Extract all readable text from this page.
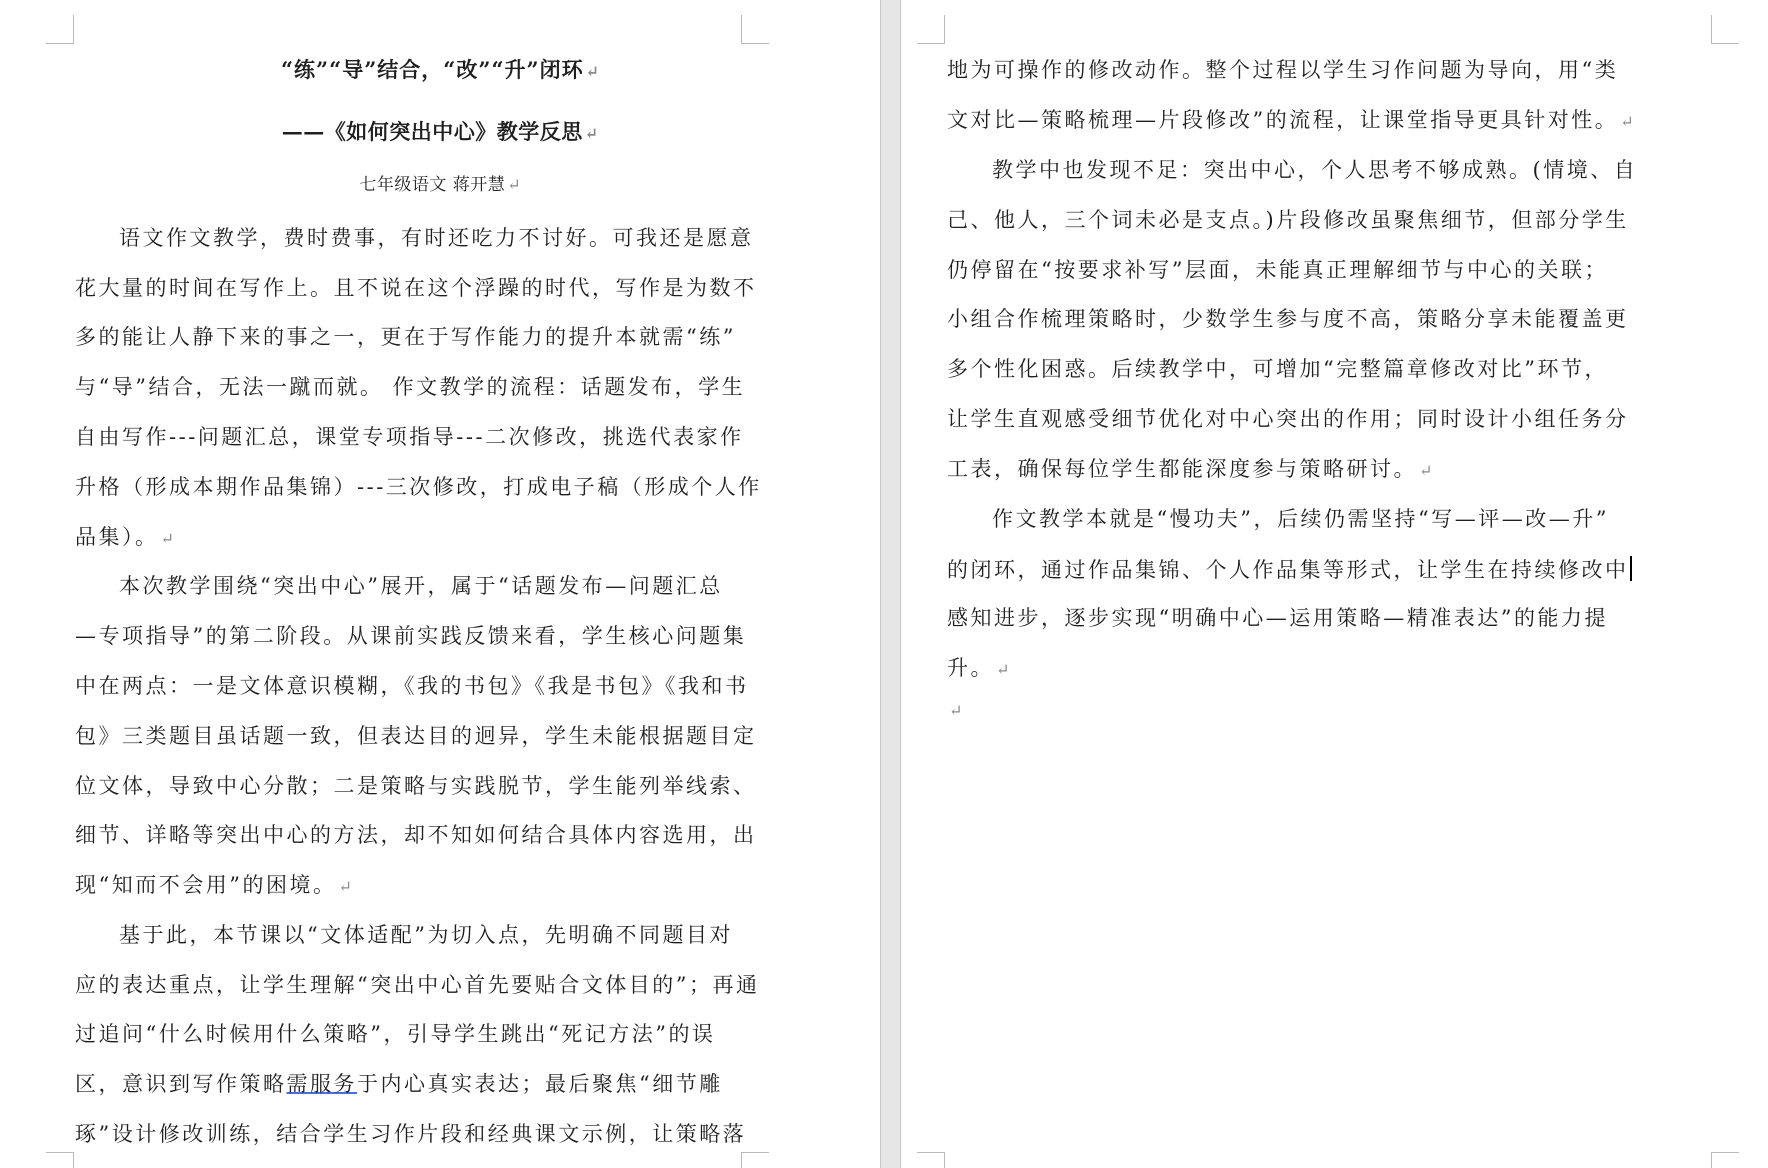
“练”“导”结合，“改”“升”闭环 ↵
——《如何突出中心》教学反思 ↵
七年级语文 蒋开慧 ↵
语文作文教学，费时费事，有时还吃力不讨好。可我还是愿意
花大量的时间在写作上。且不说在这个浮躁的时代，写作是为数不
多的能让人静下来的事之一，更在于写作能力的提升本就需“练”
与“导”结合，无法一蹴而就。 作文教学的流程：话题发布，学生
自由写作---问题汇总，课堂专项指导---二次修改，挑选代表家作
升格（形成本期作品集锦）---三次修改，打成电子稿（形成个人作
品集）。 ↵
本次教学围绕“突出中心”展开，属于“话题发布—问题汇总
—专项指导”的第二阶段。从课前实践反馈来看，学生核心问题集
中在两点：一是文体意识模糊，《我的书包》《我是书包》《我和书
包》三类题目虽话题一致，但表达目的迥异，学生未能根据题目定
位文体，导致中心分散；二是策略与实践脱节，学生能列举线索、
细节、详略等突出中心的方法，却不知如何结合具体内容选用，出
现“知而不会用”的困境。 ↵
基于此，本节课以“文体适配”为切入点，先明确不同题目对
应的表达重点，让学生理解“突出中心首先要贴合文体目的”；再通
过追问“什么时候用什么策略”，引导学生跳出“死记方法”的误
区，意识到写作策略需服务于内心真实表达；最后聚焦“细节雕
琢”设计修改训练，结合学生习作片段和经典课文示例，让策略落
地为可操作的修改动作。整个过程以学生习作问题为导向，用“类
文对比—策略梳理—片段修改”的流程，让课堂指导更具针对性。 ↵
教学中也发现不足：突出中心，个人思考不够成熟。(情境、自
己、他人，三个词未必是支点。)片段修改虽聚焦细节，但部分学生
仍停留在“按要求补写”层面，未能真正理解细节与中心的关联；
小组合作梳理策略时，少数学生参与度不高，策略分享未能覆盖更
多个性化困惑。后续教学中，可增加“完整篇章修改对比”环节，
让学生直观感受细节优化对中心突出的作用；同时设计小组任务分
工表，确保每位学生都能深度参与策略研讨。 ↵
作文教学本就是“慢功夫”，后续仍需坚持“写—评—改—升”
的闭环，通过作品集锦、个人作品集等形式，让学生在持续修改中
感知进步，逐步实现“明确中心—运用策略—精准表达”的能力提
升。 ↵
↵
